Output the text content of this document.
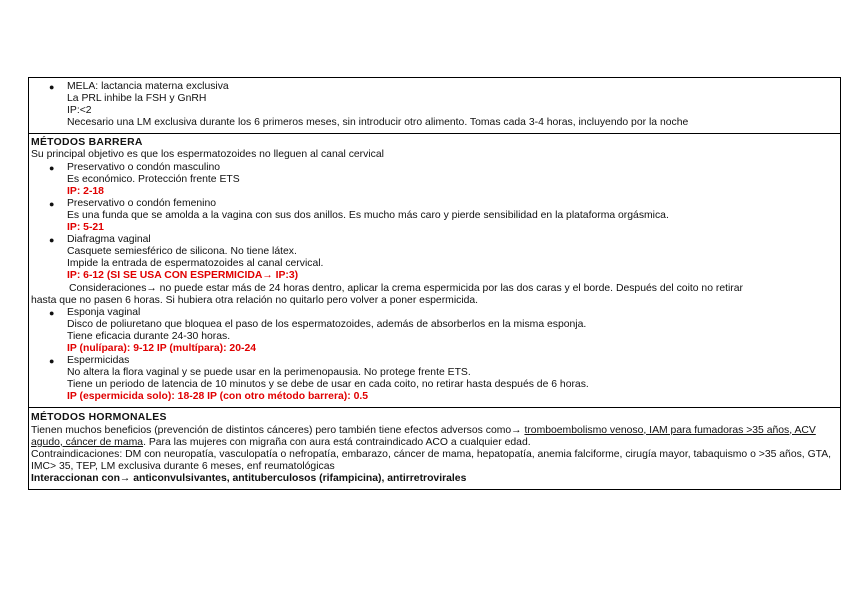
● MELA: lactancia materna exclusiva
La PRL inhibe la FSH y GnRH
IP:<2
Necesario una LM exclusiva durante los 6 primeros meses, sin introducir otro alimento. Tomas cada 3-4 horas, incluyendo por la noche
MÉTODOS BARRERA
Su principal objetivo es que los espermatozoides no lleguen al canal cervical
● Preservativo o condón masculino
Es económico. Protección frente ETS
IP: 2-18
● Preservativo o condón femenino
Es una funda que se amolda a la vagina con sus dos anillos. Es mucho más caro y pierde sensibilidad en la plataforma orgásmica.
IP: 5-21
● Diafragma vaginal
Casquete semiesférico de silicona. No tiene látex.
Impide la entrada de espermatozoides al canal cervical.
IP: 6-12 (SI SE USA CON ESPERMICIDA→ IP:3)
Consideraciones→ no puede estar más de 24 horas dentro, aplicar la crema espermicida por las dos caras y el borde. Después del coito no retirar
hasta que no pasen 6 horas. Si hubiera otra relación no quitarlo pero volver a poner espermicida.
● Esponja vaginal
Disco de poliuretano que bloquea el paso de los espermatozoides, además de absorberlos en la misma esponja.
Tiene eficacia durante 24-30 horas.
IP (nulípara): 9-12 IP (multípara): 20-24
● Espermicidas
No altera la flora vaginal y se puede usar en la perimenopausia. No protege frente ETS.
Tiene un periodo de latencia de 10 minutos y se debe de usar en cada coito, no retirar hasta después de 6 horas.
IP (espermicida solo): 18-28 IP (con otro método barrera): 0.5
MÉTODOS HORMONALES
Tienen muchos beneficios (prevención de distintos cánceres) pero también tiene efectos adversos como→ tromboembolismo venoso, IAM para fumadoras >35 años, ACV agudo, cáncer de mama. Para las mujeres con migraña con aura está contraindicado ACO a cualquier edad.
Contraindicaciones: DM con neuropatía, vasculopatía o nefropatía, embarazo, cáncer de mama, hepatopatía, anemia falciforme, cirugía mayor, tabaquismo o >35 años, GTA, IMC> 35, TEP, LM exclusiva durante 6 meses, enf reumatológicas
Interaccionan con→ anticonvulsivantes, antituberculosos (rifampicina), antirretrovirales
